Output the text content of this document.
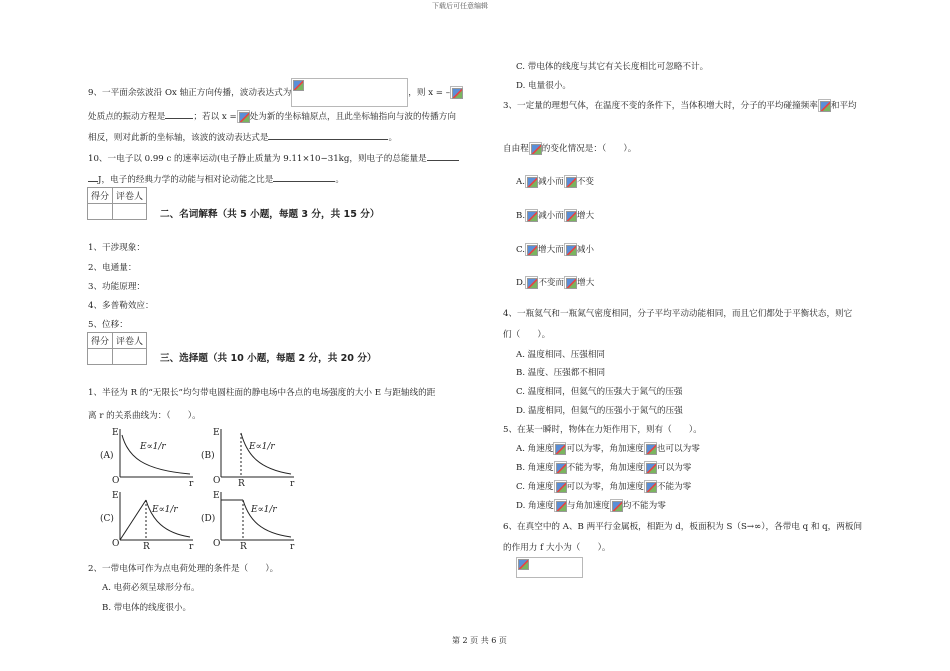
下载后可任意编辑
第 2 页 共 6 页
9、一平面余弦波沿 Ox 轴正方向传播，波动表达式为	，则 x = –
处质点的振动方程是	；若以 x = 处为新的坐标轴原点，且此坐标轴指向与波的传播方向
相反，则对此新的坐标轴，该波的波动表达式是	。
10、一电子以 0.99 c 的速率运动(电子静止质量为 9.11×10−31kg，则电子的总能量是
J，电子的经典力学的动能与相对论动能之比是	。
得分	评卷人

二、名词解释（共 5 小题，每题 3 分，共 15 分）
1、干涉现象：
2、电通量：
3、功能原理：
4、多普勒效应：
5、位移：
得分	评卷人

三、选择题（共 10 小题，每题 2 分，共 20 分）
1、半径为 R 的“无限长”均匀带电圆柱面的静电场中各点的电场强度的大小 E 与距轴线的距
离 r 的关系曲线为：（　　）。
E
O	r
(A)
E∝1/r
E
O	r
R
(B)
E∝1/r
E
O	r
R
(C)
E∝1/r
E
O	r
R
(D)
E∝1/r
2、一带电体可作为点电荷处理的条件是（　　）。
A. 电荷必须呈球形分布。
B. 带电体的线度很小。
C. 带电体的线度与其它有关长度相比可忽略不计。
D. 电量很小。
3、一定量的理想气体，在温度不变的条件下，当体积增大时，分子的平均碰撞频率 和平均
自由程 的变化情况是：（　　）。
A. 减小而 不变
B. 减小而 增大
C. 增大而 减小
D. 不变而 增大
4、一瓶氦气和一瓶氮气密度相同，分子平均平动动能相同，而且它们都处于平衡状态，则它
们（　　）。
A. 温度相同、压强相同
B. 温度、压强都不相同
C. 温度相同，但氦气的压强大于氮气的压强
D. 温度相同，但氦气的压强小于氮气的压强
5、在某一瞬时，物体在力矩作用下，则有（　　）。
A. 角速度 可以为零，角加速度 也可以为零
B. 角速度 不能为零，角加速度 可以为零
C. 角速度 可以为零，角加速度 不能为零
D. 角速度 与角加速度 均不能为零
6、在真空中的 A、B 两平行金属板，相距为 d，板面积为 S（S→∞），各带电 q 和 q，两板间
的作用力 f 大小为（　　）。
